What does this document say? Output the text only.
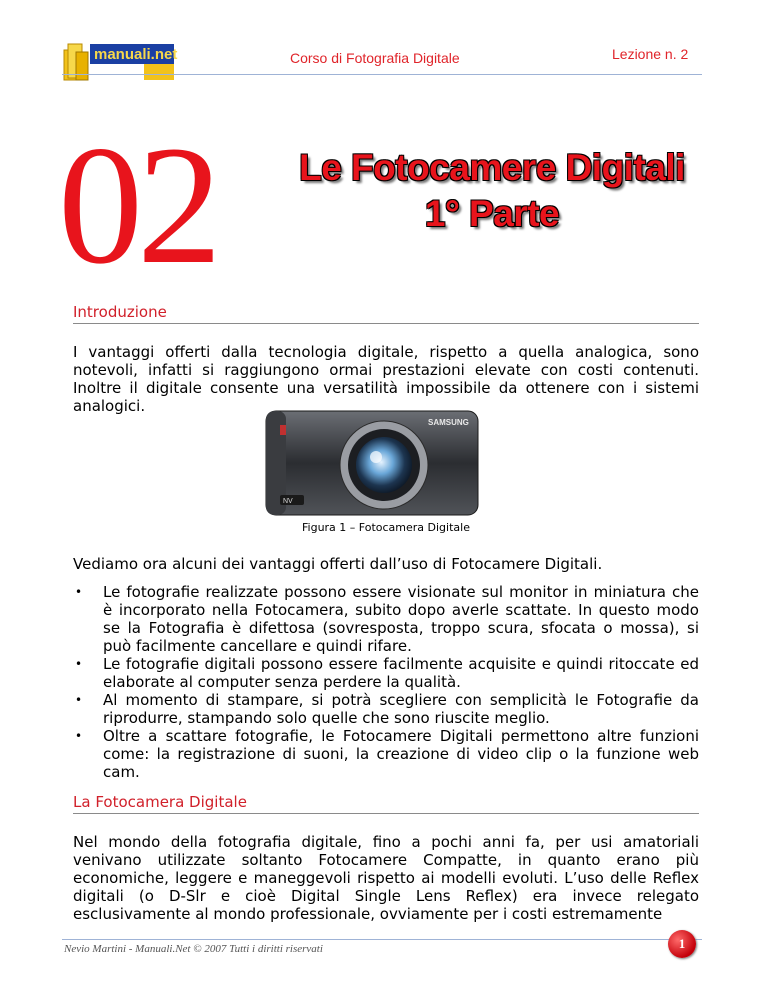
manuali.net	Corso di Fotografia Digitale	Lezione n. 2
02	Le Fotocamere Digitali
1° Parte
Introduzione
I vantaggi offerti dalla tecnologia digitale, rispetto a quella analogica, sono notevoli, infatti si raggiungono ormai prestazioni elevate con costi contenuti. Inoltre il digitale consente una versatilità impossibile da ottenere con i sistemi analogici.
SAMSUNG
NV
Figura 1 – Fotocamera Digitale
Vediamo ora alcuni dei vantaggi offerti dall’uso di Fotocamere Digitali.
• Le fotografie realizzate possono essere visionate sul monitor in miniatura che è incorporato nella Fotocamera, subito dopo averle scattate. In questo modo se la Fotografia è difettosa (sovresposta, troppo scura, sfocata o mossa), si può facilmente cancellare e quindi rifare.
• Le fotografie digitali possono essere facilmente acquisite e quindi ritoccate ed elaborate al computer senza perdere la qualità.
• Al momento di stampare, si potrà scegliere con semplicità le Fotografie da riprodurre, stampando solo quelle che sono riuscite meglio.
• Oltre a scattare fotografie, le Fotocamere Digitali permettono altre funzioni come: la registrazione di suoni, la creazione di video clip o la funzione web cam.
La Fotocamera Digitale
Nel mondo della fotografia digitale, fino a pochi anni fa, per usi amatoriali venivano utilizzate soltanto Fotocamere Compatte, in quanto erano più economiche, leggere e maneggevoli rispetto ai modelli evoluti. L’uso delle Reflex digitali (o D-Slr e cioè Digital Single Lens Reflex) era invece relegato esclusivamente al mondo professionale, ovviamente per i costi estremamente
Nevio Martini - Manuali.Net © 2007 Tutti i diritti riservati	1
